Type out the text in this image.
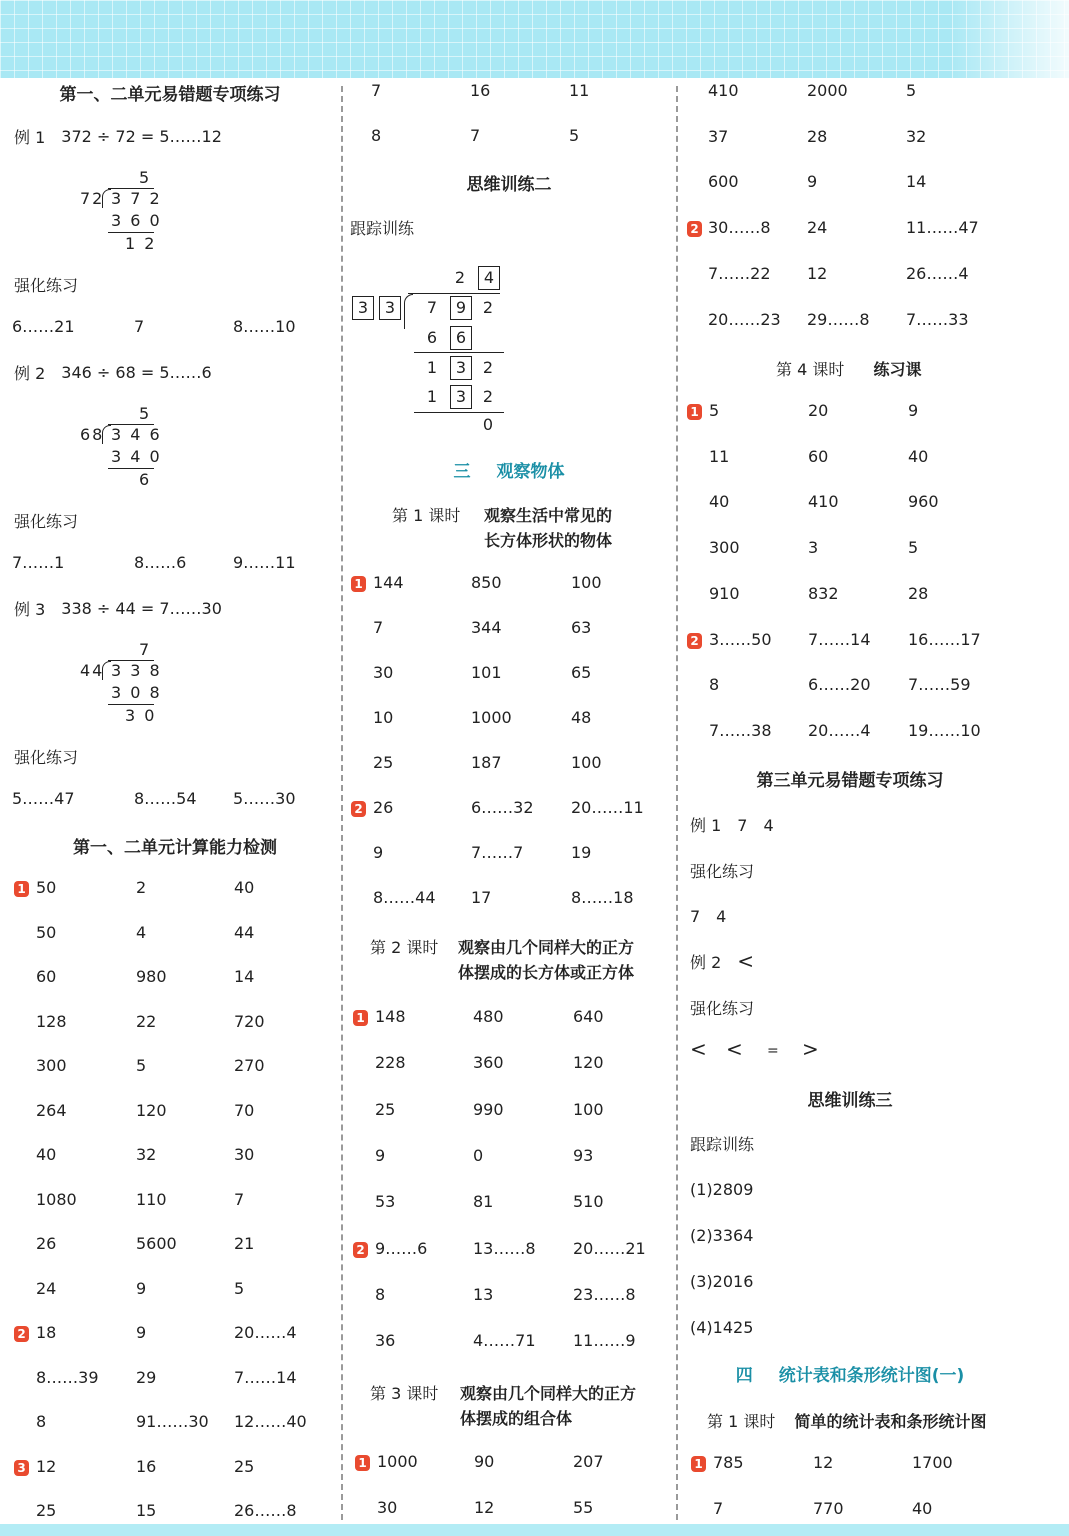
第一、二单元易错题专项练习
例 1 372 ÷ 72 = 5……12
5
72 3 7 2
3 6 0
1 2
强化练习
6……21	7	8……10
例 2 346 ÷ 68 = 5……6
5
68 3 4 6
3 4 0
6
强化练习
7……1	8……6	9……11
例 3 338 ÷ 44 = 7……30
7
44 3 3 8
3 0 8
3 0
强化练习
5……47	8……54 5……30
第一、二单元计算能力检测
1 50	2	40
50	4	44
60	980	14
128	22	720
300	5	270
264	120	70
40	32	30
1080	110	7
26	5600	21
24	9	5
2 18	9	20……4
8……39 29	7……14
8	91……30 12……40
3 12	16	25
25	15	26……8
7	16	11
8	7	5
思维训练二
跟踪训练
2	4
3	3	7	9	2
6	6
1	3	2
1	3	2
0
三 观察物体
第 1 课时 观察生活中常见的
长方体形状的物体
1 144	850	100
7	344	63
30	101	65
10	1000	48
25	187	100
2 26	6……32 20……11
9	7……7	19
8……44 17	8……18
第 2 课时 观察由几个同样大的正方
体摆成的长方体或正方体
1 148	480	640
228	360	120
25	990	100
9	0	93
53	81	510
2 9……6	13……8 20……21
8	13	23……8
36	4……71 11……9
第 3 课时 观察由几个同样大的正方
体摆成的组合体
1 1000	90	207
30	12	55
410	2000	5
37	28	32
600	9	14
2 30……8 24	11……47
7……22 12	26……4
20……23 29……8 7……33
第 4 课时 练习课
1 5	20	9
11	60	40
40	410	960
300	3	5
910	832	28
2 3……50 7……14 16……17
8	6……20 7……59
7……38 20……4 19……10
第三单元易错题专项练习
例 1　7　4
强化练习
7　4
例 2 <
强化练习
< < = >
思维训练三
跟踪训练
(1)2809
(2)3364
(3)2016
(4)1425
四 统计表和条形统计图(一)
第 1 课时 简单的统计表和条形统计图
1 785	12	1700
7	770	40
